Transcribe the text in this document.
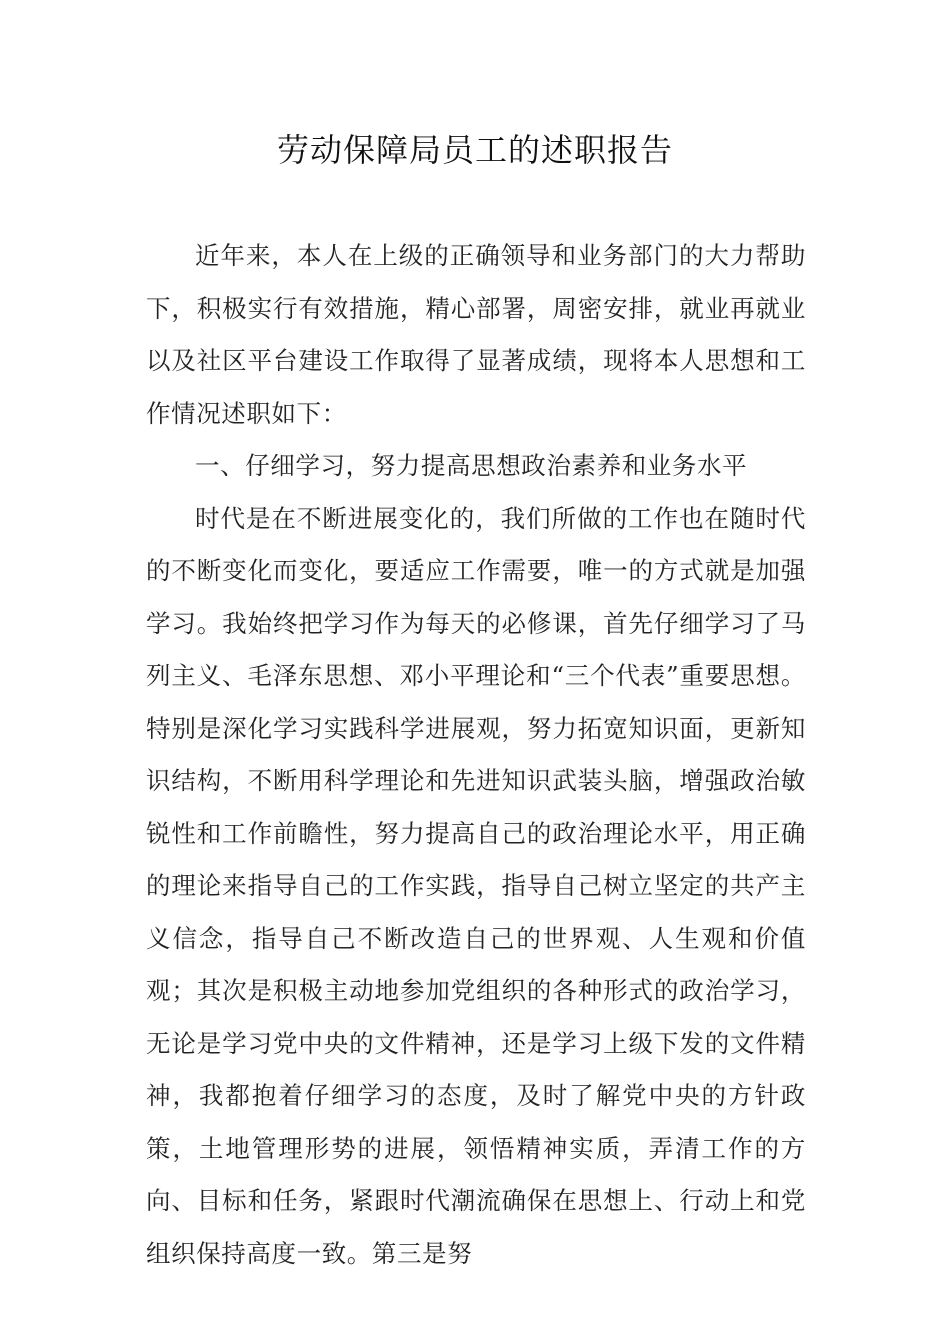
劳动保障局员工的述职报告

近年来，本人在上级的正确领导和业务部门的大力帮助下，积极实行有效措施，精心部署，周密安排，就业再就业以及社区平台建设工作取得了显著成绩，现将本人思想和工作情况述职如下：

一、仔细学习，努力提高思想政治素养和业务水平

时代是在不断进展变化的，我们所做的工作也在随时代的不断变化而变化，要适应工作需要，唯一的方式就是加强学习。我始终把学习作为每天的必修课，首先仔细学习了马列主义、毛泽东思想、邓小平理论和“三个代表”重要思想。特别是深化学习实践科学进展观，努力拓宽知识面，更新知识结构，不断用科学理论和先进知识武装头脑，增强政治敏锐性和工作前瞻性，努力提高自己的政治理论水平，用正确的理论来指导自己的工作实践，指导自己树立坚定的共产主义信念，指导自己不断改造自己的世界观、人生观和价值观；其次是积极主动地参加党组织的各种形式的政治学习，无论是学习党中央的文件精神，还是学习上级下发的文件精神，我都抱着仔细学习的态度，及时了解党中央的方针政策，土地管理形势的进展，领悟精神实质，弄清工作的方向、目标和任务，紧跟时代潮流确保在思想上、行动上和党组织保持高度一致。第三是努
